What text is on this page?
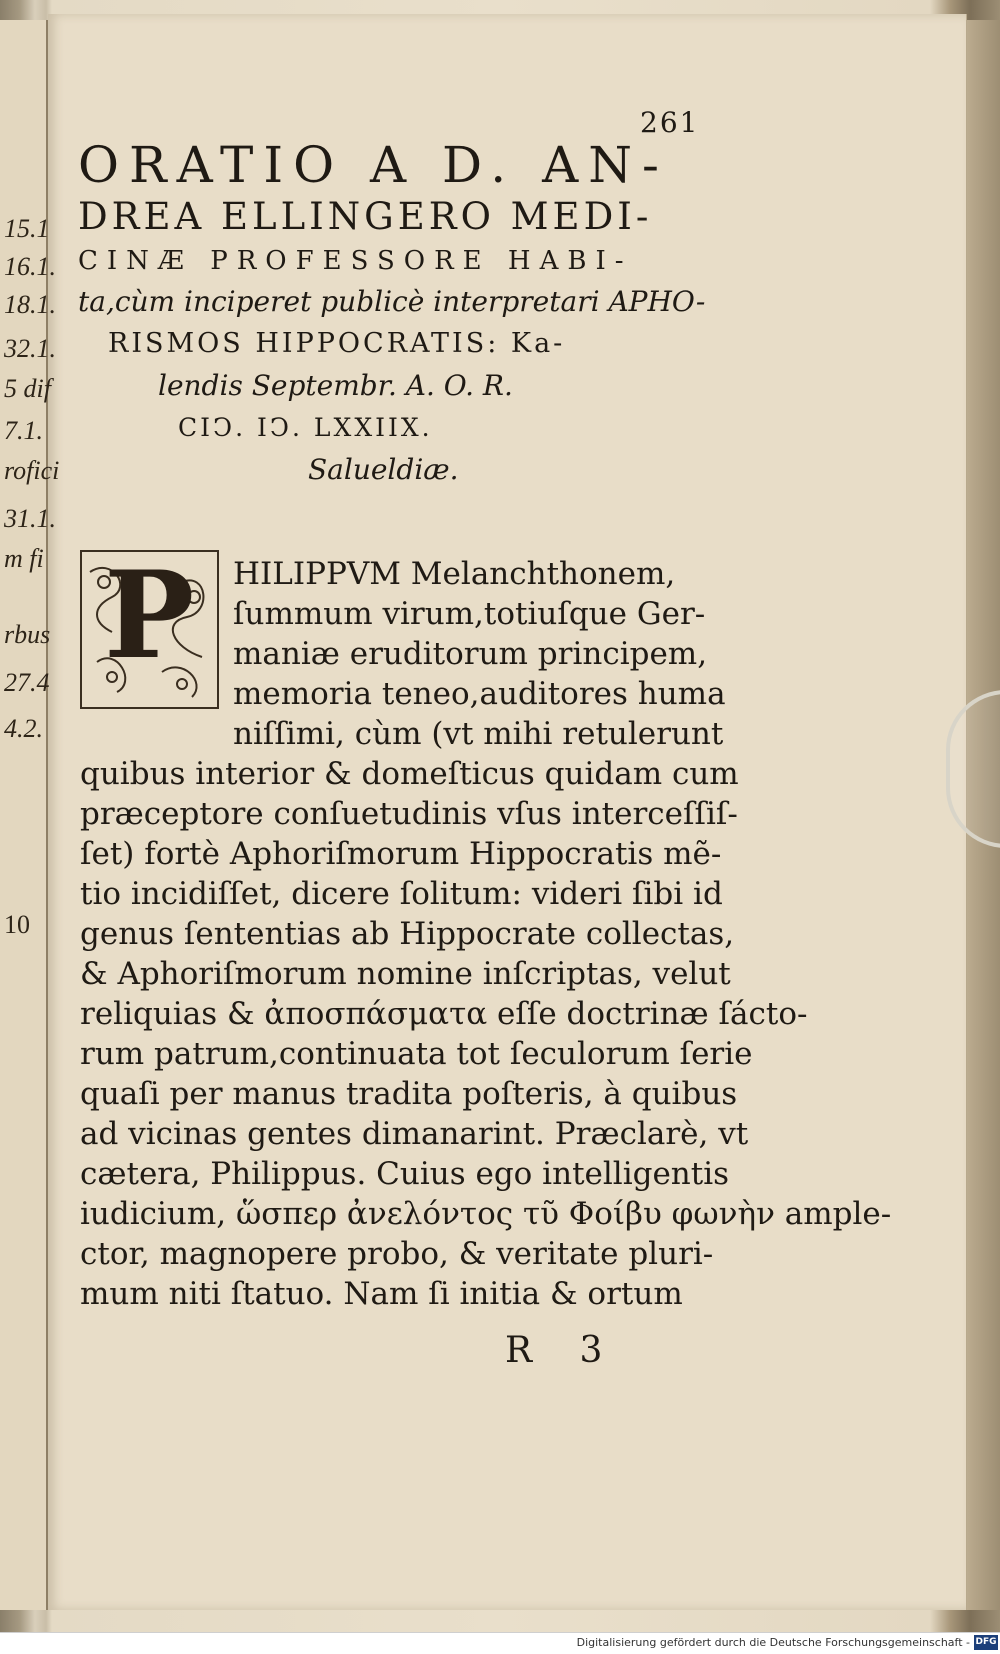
15.1
16.1.
18.1.
32.1.
5 dif
7.1.
rofici
31.1.
m fi
rbus
27.4
4.2.
10
261
ORATIO A D. AN-
DREA ELLINGERO MEDI-
CINÆ PROFESSORE HABI-
ta,cùm inciperet publicè interpretari APHO-
RISMOS HIPPOCRATIS: Ka-
lendis Septembr. A. O. R.
CIↃ. IↃ. LXXIIX.
Salueldiæ.
P HILIPPVM Melanchthonem,
ſummum virum,totiuſque Ger-
maniæ eruditorum principem,
memoria teneo,auditores huma
niſſimi, cùm (vt mihi retulerunt
quibus interior & domeſticus quidam cum
præceptore conſuetudinis vſus interceſſiſ-
ſet) fortè Aphoriſmorum Hippocratis mẽ-
tio incidiſſet, dicere ſolitum: videri ſibi id
genus ſententias ab Hippocrate collectas,
& Aphoriſmorum nomine inſcriptas, velut
reliquias & ἀποσπάσματα eſſe doctrinæ ſácto-
rum patrum,continuata tot ſeculorum ſerie
quaſi per manus tradita poſteris, à quibus
ad vicinas gentes dimanarint. Præclarè, vt
cætera, Philippus. Cuius ego intelligentis
iudicium, ὥσπερ ἀνελόντος τῦ Φοίβυ φωνὴν ample-
ctor, magnopere probo, & veritate pluri-
mum niti ſtatuo. Nam ſi initia & ortum
R 3
Digitalisierung gefördert durch die Deutsche Forschungsgemeinschaft - DFG
